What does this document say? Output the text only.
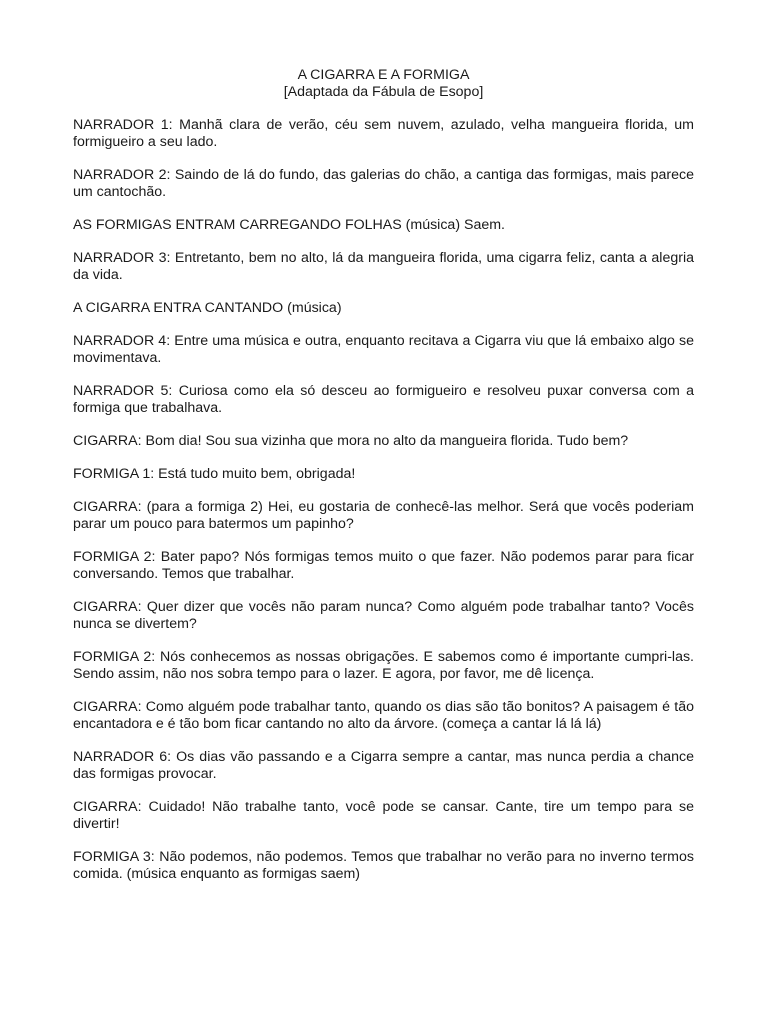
A CIGARRA E A FORMIGA
[Adaptada da Fábula de Esopo]

NARRADOR 1: Manhã clara de verão, céu sem nuvem, azulado, velha mangueira florida, um formigueiro a seu lado.

NARRADOR 2: Saindo de lá do fundo, das galerias do chão, a cantiga das formigas, mais parece um cantochão.

AS FORMIGAS ENTRAM CARREGANDO FOLHAS (música) Saem.

NARRADOR 3: Entretanto, bem no alto, lá da mangueira florida, uma cigarra feliz, canta a alegria da vida.

A CIGARRA ENTRA CANTANDO (música)

NARRADOR 4: Entre uma música e outra, enquanto recitava a Cigarra viu que lá embaixo algo se movimentava.

NARRADOR 5: Curiosa como ela só desceu ao formigueiro e resolveu puxar conversa com a formiga que trabalhava.

CIGARRA: Bom dia! Sou sua vizinha que mora no alto da mangueira florida. Tudo bem?

FORMIGA 1: Está tudo muito bem, obrigada!

CIGARRA: (para a formiga 2) Hei, eu gostaria de conhecê-las melhor. Será que vocês poderiam parar um pouco para batermos um papinho?

FORMIGA 2: Bater papo? Nós formigas temos muito o que fazer. Não podemos parar para ficar conversando. Temos que trabalhar.

CIGARRA: Quer dizer que vocês não param nunca? Como alguém pode trabalhar tanto? Vocês nunca se divertem?

FORMIGA 2: Nós conhecemos as nossas obrigações. E sabemos como é importante cumpri-las. Sendo assim, não nos sobra tempo para o lazer. E agora, por favor, me dê licença.

CIGARRA: Como alguém pode trabalhar tanto, quando os dias são tão bonitos? A paisagem é tão encantadora e é tão bom ficar cantando no alto da árvore. (começa a cantar lá lá lá)

NARRADOR 6: Os dias vão passando e a Cigarra sempre a cantar, mas nunca perdia a chance das formigas provocar.

CIGARRA: Cuidado! Não trabalhe tanto, você pode se cansar. Cante, tire um tempo para se divertir!

FORMIGA 3: Não podemos, não podemos. Temos que trabalhar no verão para no inverno termos comida. (música enquanto as formigas saem)
